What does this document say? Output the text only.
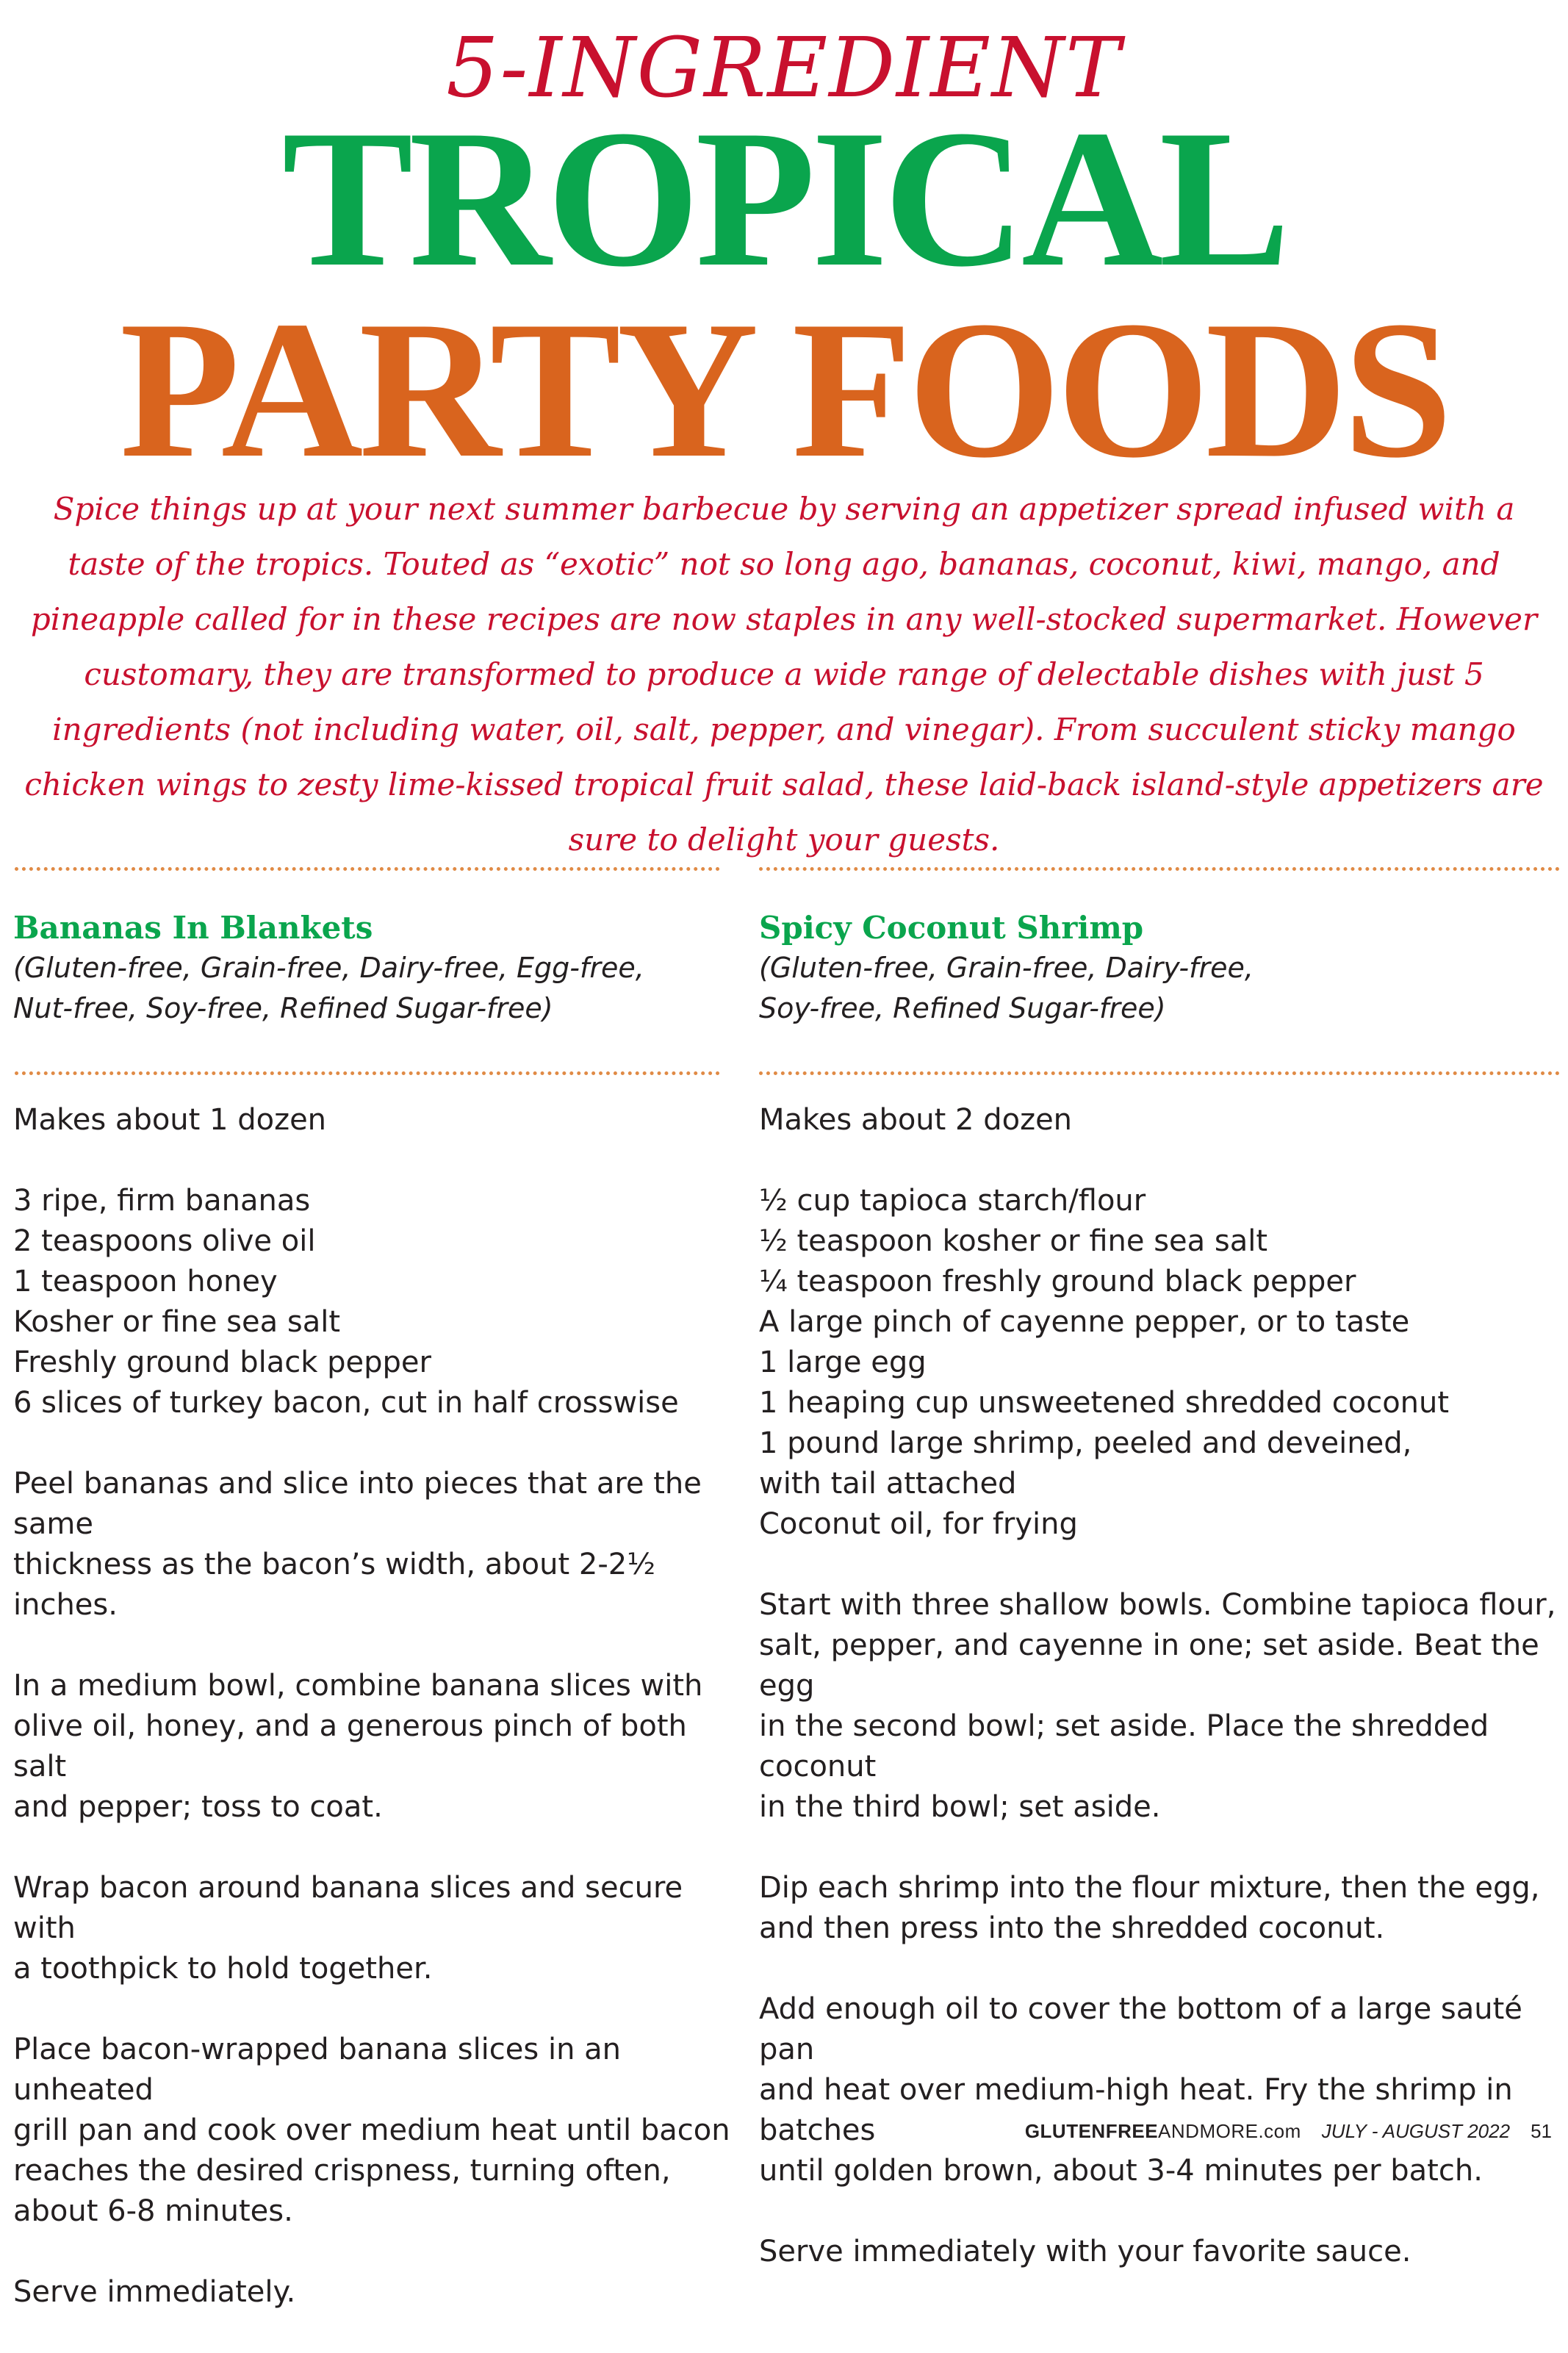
5-INGREDIENT
TROPICAL
PARTY FOODS

Spice things up at your next summer barbecue by serving an appetizer spread infused with a taste of the tropics. Touted as “exotic” not so long ago, bananas, coconut, kiwi, mango, and pineapple called for in these recipes are now staples in any well-stocked supermarket. However customary, they are transformed to produce a wide range of delectable dishes with just 5 ingredients (not including water, oil, salt, pepper, and vinegar). From succulent sticky mango chicken wings to zesty lime-kissed tropical fruit salad, these laid-back island-style appetizers are sure to delight your guests.

Bananas In Blankets

(Gluten-free, Grain-free, Dairy-free, Egg-free,
Nut-free, Soy-free, Refined Sugar-free)

Spicy Coconut Shrimp

(Gluten-free, Grain-free, Dairy-free,
Soy-free, Refined Sugar-free)

Makes about 1 dozen

3 ripe, firm bananas
2 teaspoons olive oil
1 teaspoon honey
Kosher or fine sea salt
Freshly ground black pepper
6 slices of turkey bacon, cut in half crosswise

Peel bananas and slice into pieces that are the same
thickness as the bacon’s width, about 2-2½ inches.

In a medium bowl, combine banana slices with
olive oil, honey, and a generous pinch of both salt
and pepper; toss to coat.

Wrap bacon around banana slices and secure with
a toothpick to hold together.

Place bacon-wrapped banana slices in an unheated
grill pan and cook over medium heat until bacon
reaches the desired crispness, turning often,
about 6-8 minutes.

Serve immediately.

Makes about 2 dozen

½ cup tapioca starch/flour
½ teaspoon kosher or fine sea salt
¼ teaspoon freshly ground black pepper
A large pinch of cayenne pepper, or to taste
1 large egg
1 heaping cup unsweetened shredded coconut
1 pound large shrimp, peeled and deveined,
with tail attached
Coconut oil, for frying

Start with three shallow bowls. Combine tapioca flour,
salt, pepper, and cayenne in one; set aside. Beat the egg
in the second bowl; set aside. Place the shredded coconut
in the third bowl; set aside.

Dip each shrimp into the flour mixture, then the egg,
and then press into the shredded coconut.

Add enough oil to cover the bottom of a large sauté pan
and heat over medium-high heat. Fry the shrimp in batches
until golden brown, about 3-4 minutes per batch.

Serve immediately with your favorite sauce.

GLUTENFREEANDMORE.com JULY - AUGUST 2022 51
